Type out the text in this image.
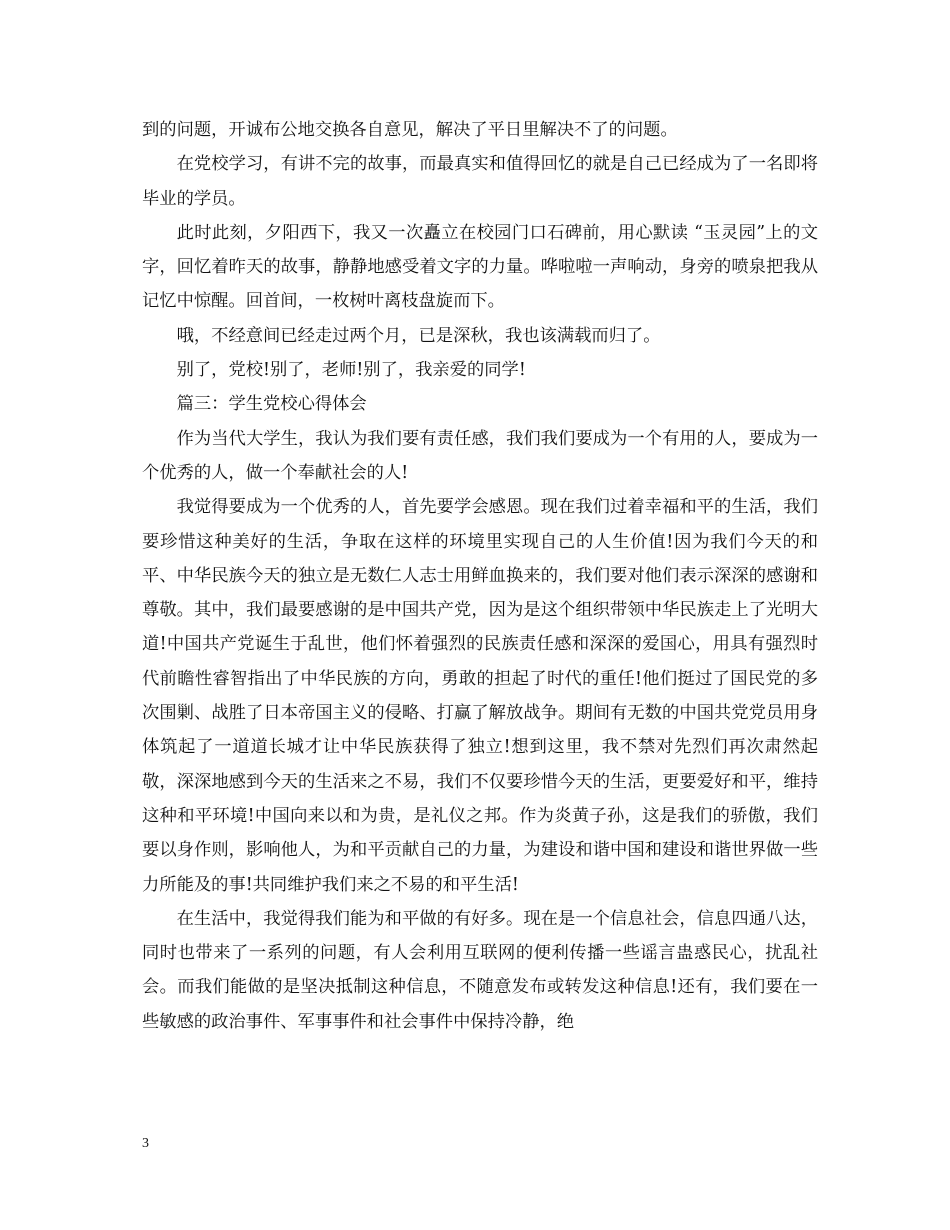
到的问题，开诚布公地交换各自意见，解决了平日里解决不了的问题。

在党校学习，有讲不完的故事，而最真实和值得回忆的就是自己已经成为了一名即将毕业的学员。

此时此刻，夕阳西下，我又一次矗立在校园门口石碑前，用心默读 “玉灵园”上的文字，回忆着昨天的故事，静静地感受着文字的力量。哗啦啦一声响动，身旁的喷泉把我从记忆中惊醒。回首间，一枚树叶离枝盘旋而下。

哦，不经意间已经走过两个月，已是深秋，我也该满载而归了。

别了，党校!别了，老师!别了，我亲爱的同学!

篇三：学生党校心得体会

作为当代大学生，我认为我们要有责任感，我们我们要成为一个有用的人，要成为一个优秀的人，做一个奉献社会的人!

我觉得要成为一个优秀的人，首先要学会感恩。现在我们过着幸福和平的生活，我们要珍惜这种美好的生活，争取在这样的环境里实现自己的人生价值!因为我们今天的和平、中华民族今天的独立是无数仁人志士用鲜血换来的，我们要对他们表示深深的感谢和尊敬。其中，我们最要感谢的是中国共产党，因为是这个组织带领中华民族走上了光明大道!中国共产党诞生于乱世，他们怀着强烈的民族责任感和深深的爱国心，用具有强烈时代前瞻性睿智指出了中华民族的方向，勇敢的担起了时代的重任!他们挺过了国民党的多次围剿、战胜了日本帝国主义的侵略、打赢了解放战争。期间有无数的中国共党党员用身体筑起了一道道长城才让中华民族获得了独立!想到这里，我不禁对先烈们再次肃然起敬，深深地感到今天的生活来之不易，我们不仅要珍惜今天的生活，更要爱好和平，维持这种和平环境!中国向来以和为贵，是礼仪之邦。作为炎黄子孙，这是我们的骄傲，我们要以身作则，影响他人，为和平贡献自己的力量，为建设和谐中国和建设和谐世界做一些力所能及的事!共同维护我们来之不易的和平生活!

在生活中，我觉得我们能为和平做的有好多。现在是一个信息社会，信息四通八达，同时也带来了一系列的问题，有人会利用互联网的便利传播一些谣言蛊惑民心，扰乱社会。而我们能做的是坚决抵制这种信息，不随意发布或转发这种信息!还有，我们要在一些敏感的政治事件、军事事件和社会事件中保持冷静，绝

3
